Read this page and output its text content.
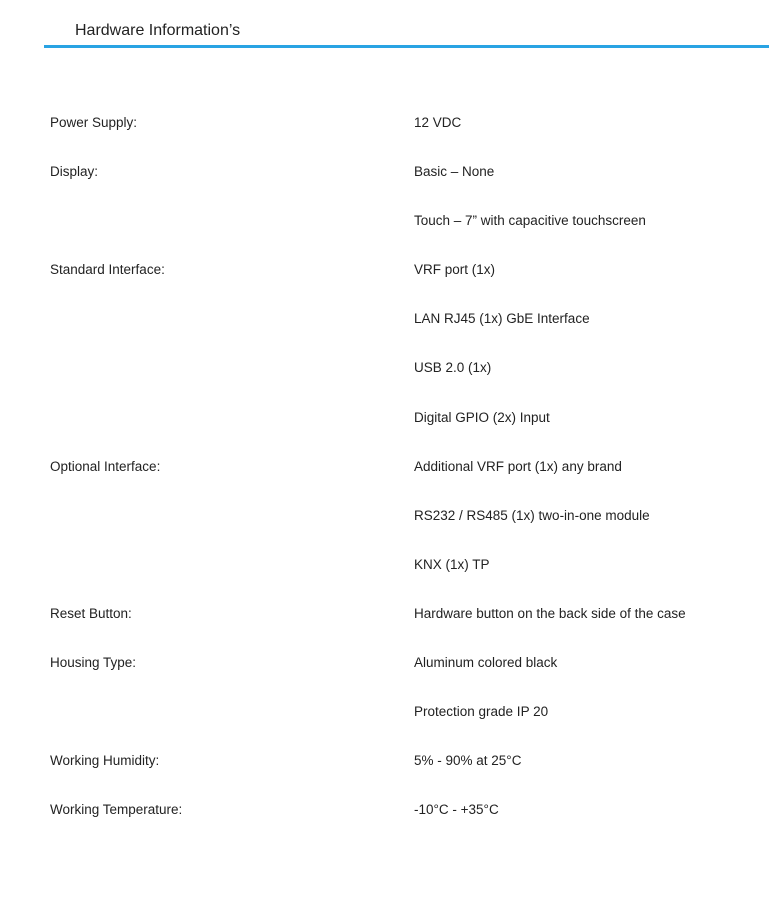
Hardware Information’s
Power Supply:	12 VDC
Display:	Basic – None
Touch – 7” with capacitive touchscreen
Standard Interface:	VRF port (1x)
LAN RJ45 (1x) GbE Interface
USB 2.0 (1x)
Digital GPIO (2x) Input
Optional Interface:	Additional VRF port (1x) any brand
RS232 / RS485 (1x) two-in-one module
KNX (1x) TP
Reset Button:	Hardware button on the back side of the case
Housing Type:	Aluminum colored black
Protection grade IP 20
Working Humidity:	5% - 90% at 25°C
Working Temperature:	-10°C - +35°C
